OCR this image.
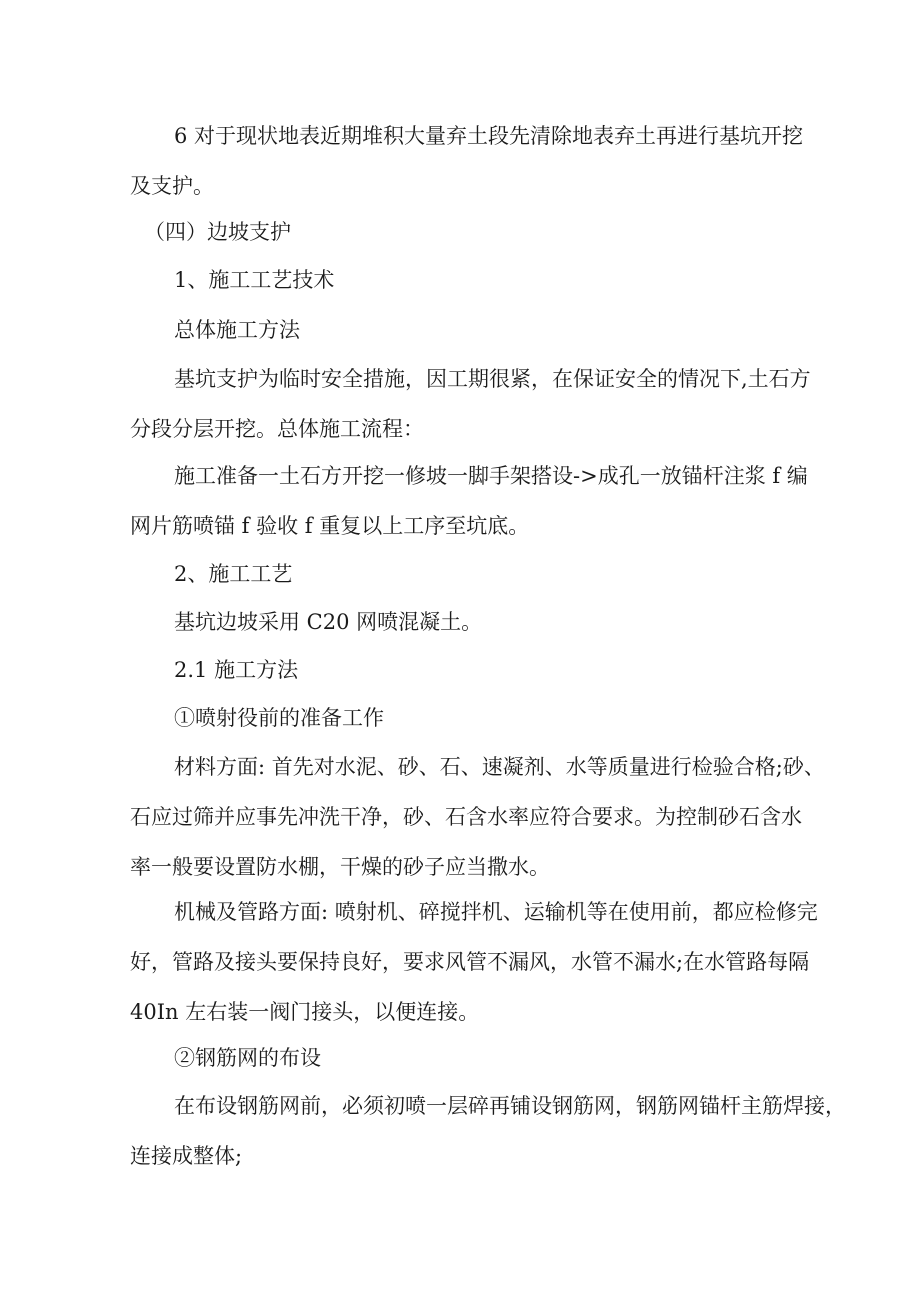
6 对于现状地表近期堆积大量弃土段先清除地表弃土再进行基坑开挖
及支护。
（四）边坡支护
1、施工工艺技术
总体施工方法
基坑支护为临时安全措施，因工期很紧，在保证安全的情况下,土石方
分段分层开挖。总体施工流程：
施工准备一土石方开挖一修坡一脚手架搭设->成孔一放锚杆注浆 f 编
网片筋喷锚 f 验收 f 重复以上工序至坑底。
2、施工工艺
基坑边坡采用 C20 网喷混凝土。
2.1 施工方法
①喷射役前的准备工作
材料方面: 首先对水泥、砂、石、速凝剂、水等质量进行检验合格;砂、
石应过筛并应事先冲洗干净，砂、石含水率应符合要求。为控制砂石含水
率一般要设置防水棚，干燥的砂子应当撒水。
机械及管路方面: 喷射机、碎搅拌机、运输机等在使用前，都应检修完
好，管路及接头要保持良好，要求风管不漏风，水管不漏水;在水管路每隔
40In 左右装一阀门接头，以便连接。
②钢筋网的布设
在布设钢筋网前，必须初喷一层碎再铺设钢筋网，钢筋网锚杆主筋焊接，
连接成整体;
